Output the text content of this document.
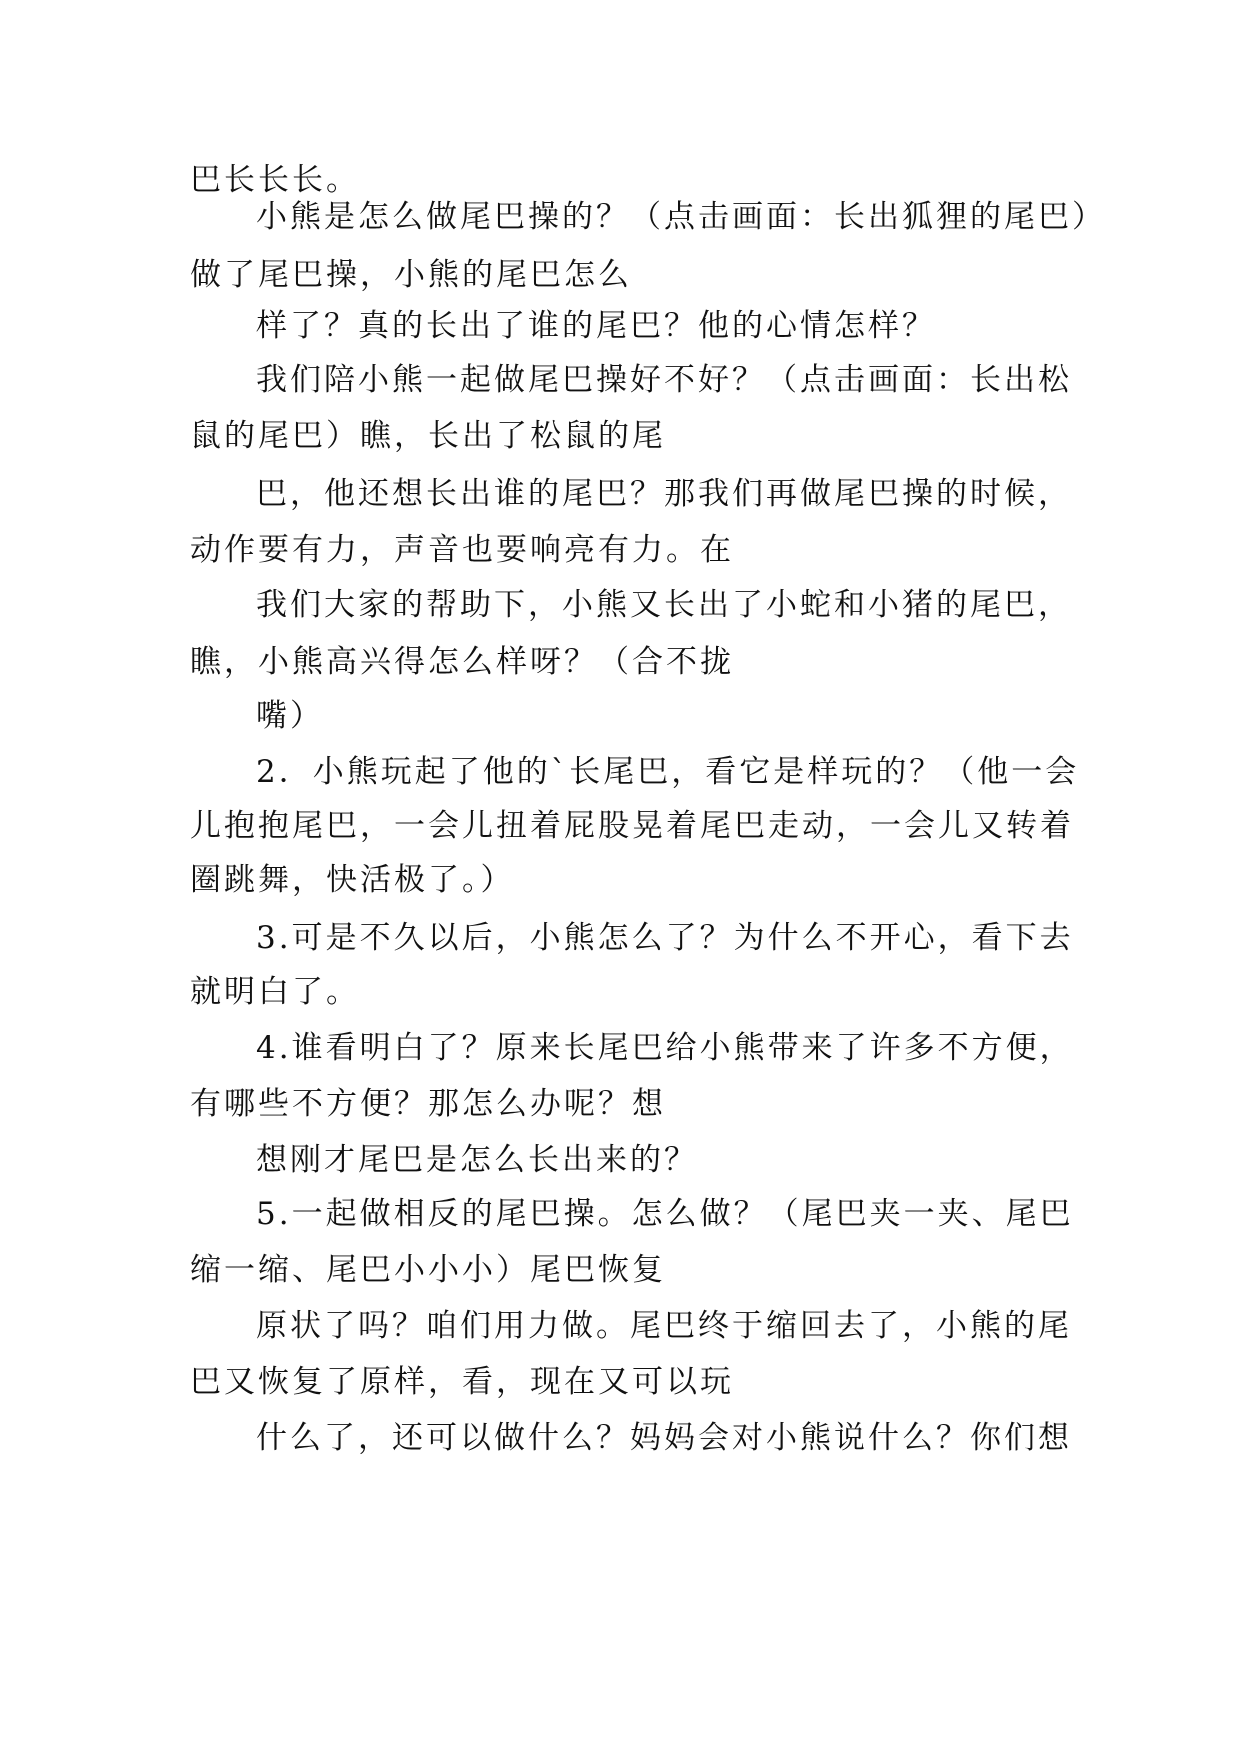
巴长长长。
小熊是怎么做尾巴操的？（点击画面：长出狐狸的尾巴）
做了尾巴操，小熊的尾巴怎么
样了？真的长出了谁的尾巴？他的心情怎样？
我们陪小熊一起做尾巴操好不好？（点击画面：长出松
鼠的尾巴）瞧，长出了松鼠的尾
巴，他还想长出谁的尾巴？那我们再做尾巴操的时候，
动作要有力，声音也要响亮有力。在
我们大家的帮助下，小熊又长出了小蛇和小猪的尾巴，
瞧，小熊高兴得怎么样呀？（合不拢
嘴）
2．小熊玩起了他的`长尾巴，看它是样玩的？（他一会
儿抱抱尾巴，一会儿扭着屁股晃着尾巴走动，一会儿又转着
圈跳舞，快活极了。）
3.可是不久以后，小熊怎么了？为什么不开心，看下去
就明白了。
4.谁看明白了？原来长尾巴给小熊带来了许多不方便，
有哪些不方便？那怎么办呢？想
想刚才尾巴是怎么长出来的？
5.一起做相反的尾巴操。怎么做？（尾巴夹一夹、尾巴
缩一缩、尾巴小小小）尾巴恢复
原状了吗？咱们用力做。尾巴终于缩回去了，小熊的尾
巴又恢复了原样，看，现在又可以玩
什么了，还可以做什么？妈妈会对小熊说什么？你们想
